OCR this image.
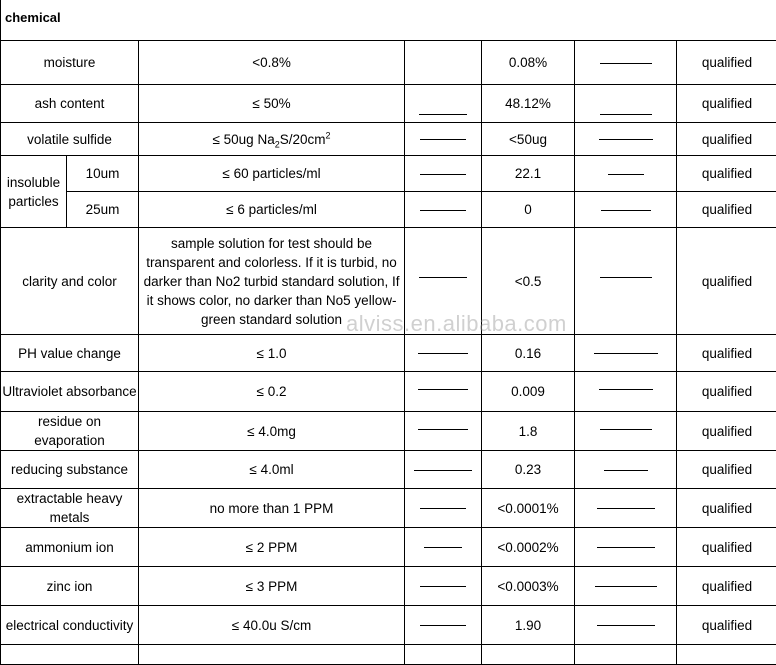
chemical
moisture		<0.8%		0.08%		qualified
ash content		≤ 50%		48.12%		qualified
volatile sulfide		≤ 50ug $Na_2S/20cm^2$		<50ug		qualified
insoluble particles	10um	≤ 60 particles/ml		22.1		qualified
	25um	≤ 6 particles/ml		0		qualified
clarity and color		sample solution for test should be transparent and colorless. If it is turbid, no darker than No2 turbid standard solution, If it shows color, no darker than No5 yellow-green standard solution		<0.5		qualified
PH value change		≤ 1.0		0.16		qualified
Ultraviolet absorbance		≤ 0.2		0.009		qualified
residue on evaporation		≤ 4.0mg		1.8		qualified
reducing substance		≤ 4.0ml		0.23		qualified
extractable heavy metals		no more than 1 PPM		<0.0001%		qualified
ammonium ion		≤ 2 PPM		<0.0002%		qualified
zinc ion		≤ 3 PPM		<0.0003%		qualified
electrical conductivity		≤ 40.0u S/cm		1.90		qualified

alviss.en.alibaba.com
